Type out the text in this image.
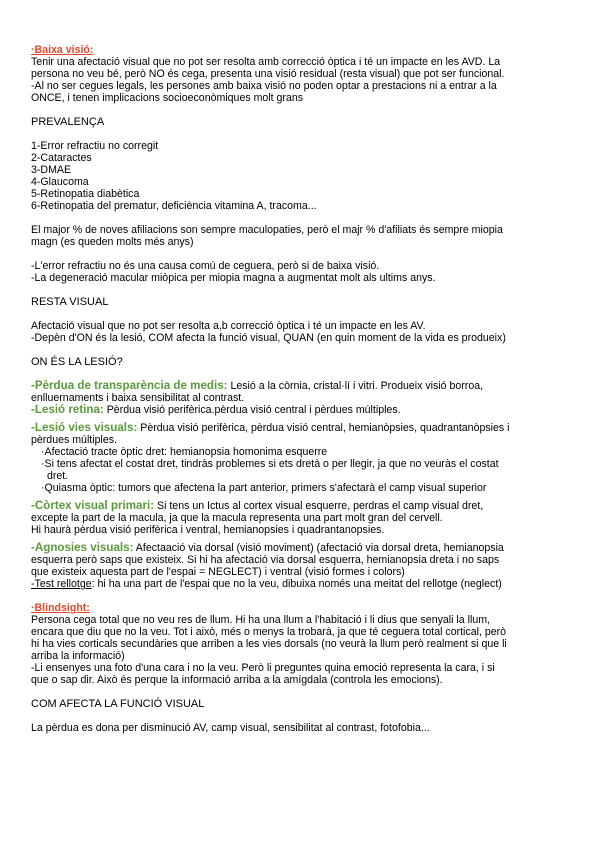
·Baixa visió:

Tenir una afectació visual que no pot ser resolta amb correcció òptica i té un impacte en les AVD. La

persona no veu bé, però NO és cega, presenta una visió residual (resta visual) que pot ser funcional.

-Al no ser cegues legals, les persones amb baixa visió no poden optar a prestacions ni a entrar a la

ONCE, i tenen implicacions socioeconòmiques molt grans

PREVALENÇA

1-Error refractiu no corregit

2-Cataractes

3-DMAE

4-Glaucoma

5-Retinopatia diabètica

6-Retinopatia del prematur, deficiència vitamina A, tracoma...

El major % de noves afiliacions son sempre maculopaties, però el majr % d'afiliats és sempre miopia

magn (es queden molts més anys)

-L'error refractiu no és una causa comú de ceguera, però si de baixa visió.

-La degeneració macular miòpica per miopia magna a augmentat molt als ultims anys.

RESTA VISUAL

Afectació visual que no pot ser resolta a,b correcció òptica i té un impacte en les AV.

-Depèn d'ON és la lesió, COM afecta la funció visual, QUAN (en quin moment de la vida es produeix)

ON ÉS LA LESIÓ?

-Pèrdua de transparència de medis: Lesió a la còrnia, cristal·lí i vitri. Produeix visió borroa,

enlluernaments i baixa sensibilitat al contrast.

-Lesió retina: Pèrdua visió perifèrica.pèrdua visió central i pèrdues múltiples.

-Lesió vies visuals: Pèrdua visió perifèrica, pèrdua visió central, hemianòpsies, quadrantanòpsies i

pèrdues múltiples.

·Afectació tracte òptic dret: hemianopsia homonima esquerre

·Si tens afectat el costat dret, tindràs problemes si ets dretà o per llegir, ja que no veuràs el costat

dret.

·Quiasma òptic: tumors que afectena la part anterior, primers s'afectarà el camp visual superior

-Còrtex visual primari: Si tens un Ictus al cortex visual esquerre, perdras el camp visual dret,

excepte la part de la macula, ja que la macula representa una part molt gran del cervell.

Hi haurà pèrdua visió perifèrica i ventral, hemianopsies i quadrantanopsies.

-Agnosies visuals: Afectaació via dorsal (visió moviment) (afectació via dorsal dreta, hemianopsia

esquerra però saps que existeix. Si hi ha afectació via dorsal esquerra, hemianopsia dreta i no saps

que existeix aquesta part de l'espai = NEGLECT) i ventral (visió formes i colors)

-Test rellotge: hi ha una part de l'espai que no la veu, dibuixa només una meitat del rellotge (neglect)

·Blindsight:

Persona cega total que no veu res de llum. Hi ha una llum a l'habitació i li dius que senyali la llum,

encara que diu que no la veu. Tot i això, més o menys la trobarà, ja que té ceguera total cortical, però

hi ha vies corticals secundàries que arriben a les vies dorsals (no veurà la llum però realment si que li

arriba la informació)

-Li ensenyes una foto d'una cara i no la veu. Però li preguntes quina emoció representa la cara, i si

que o sap dir. Això és perque la informació arriba a la amígdala (controla les emocions).

COM AFECTA LA FUNCIÓ VISUAL

La pèrdua es dona per disminució AV, camp visual, sensibilitat al contrast, fotofobia...
